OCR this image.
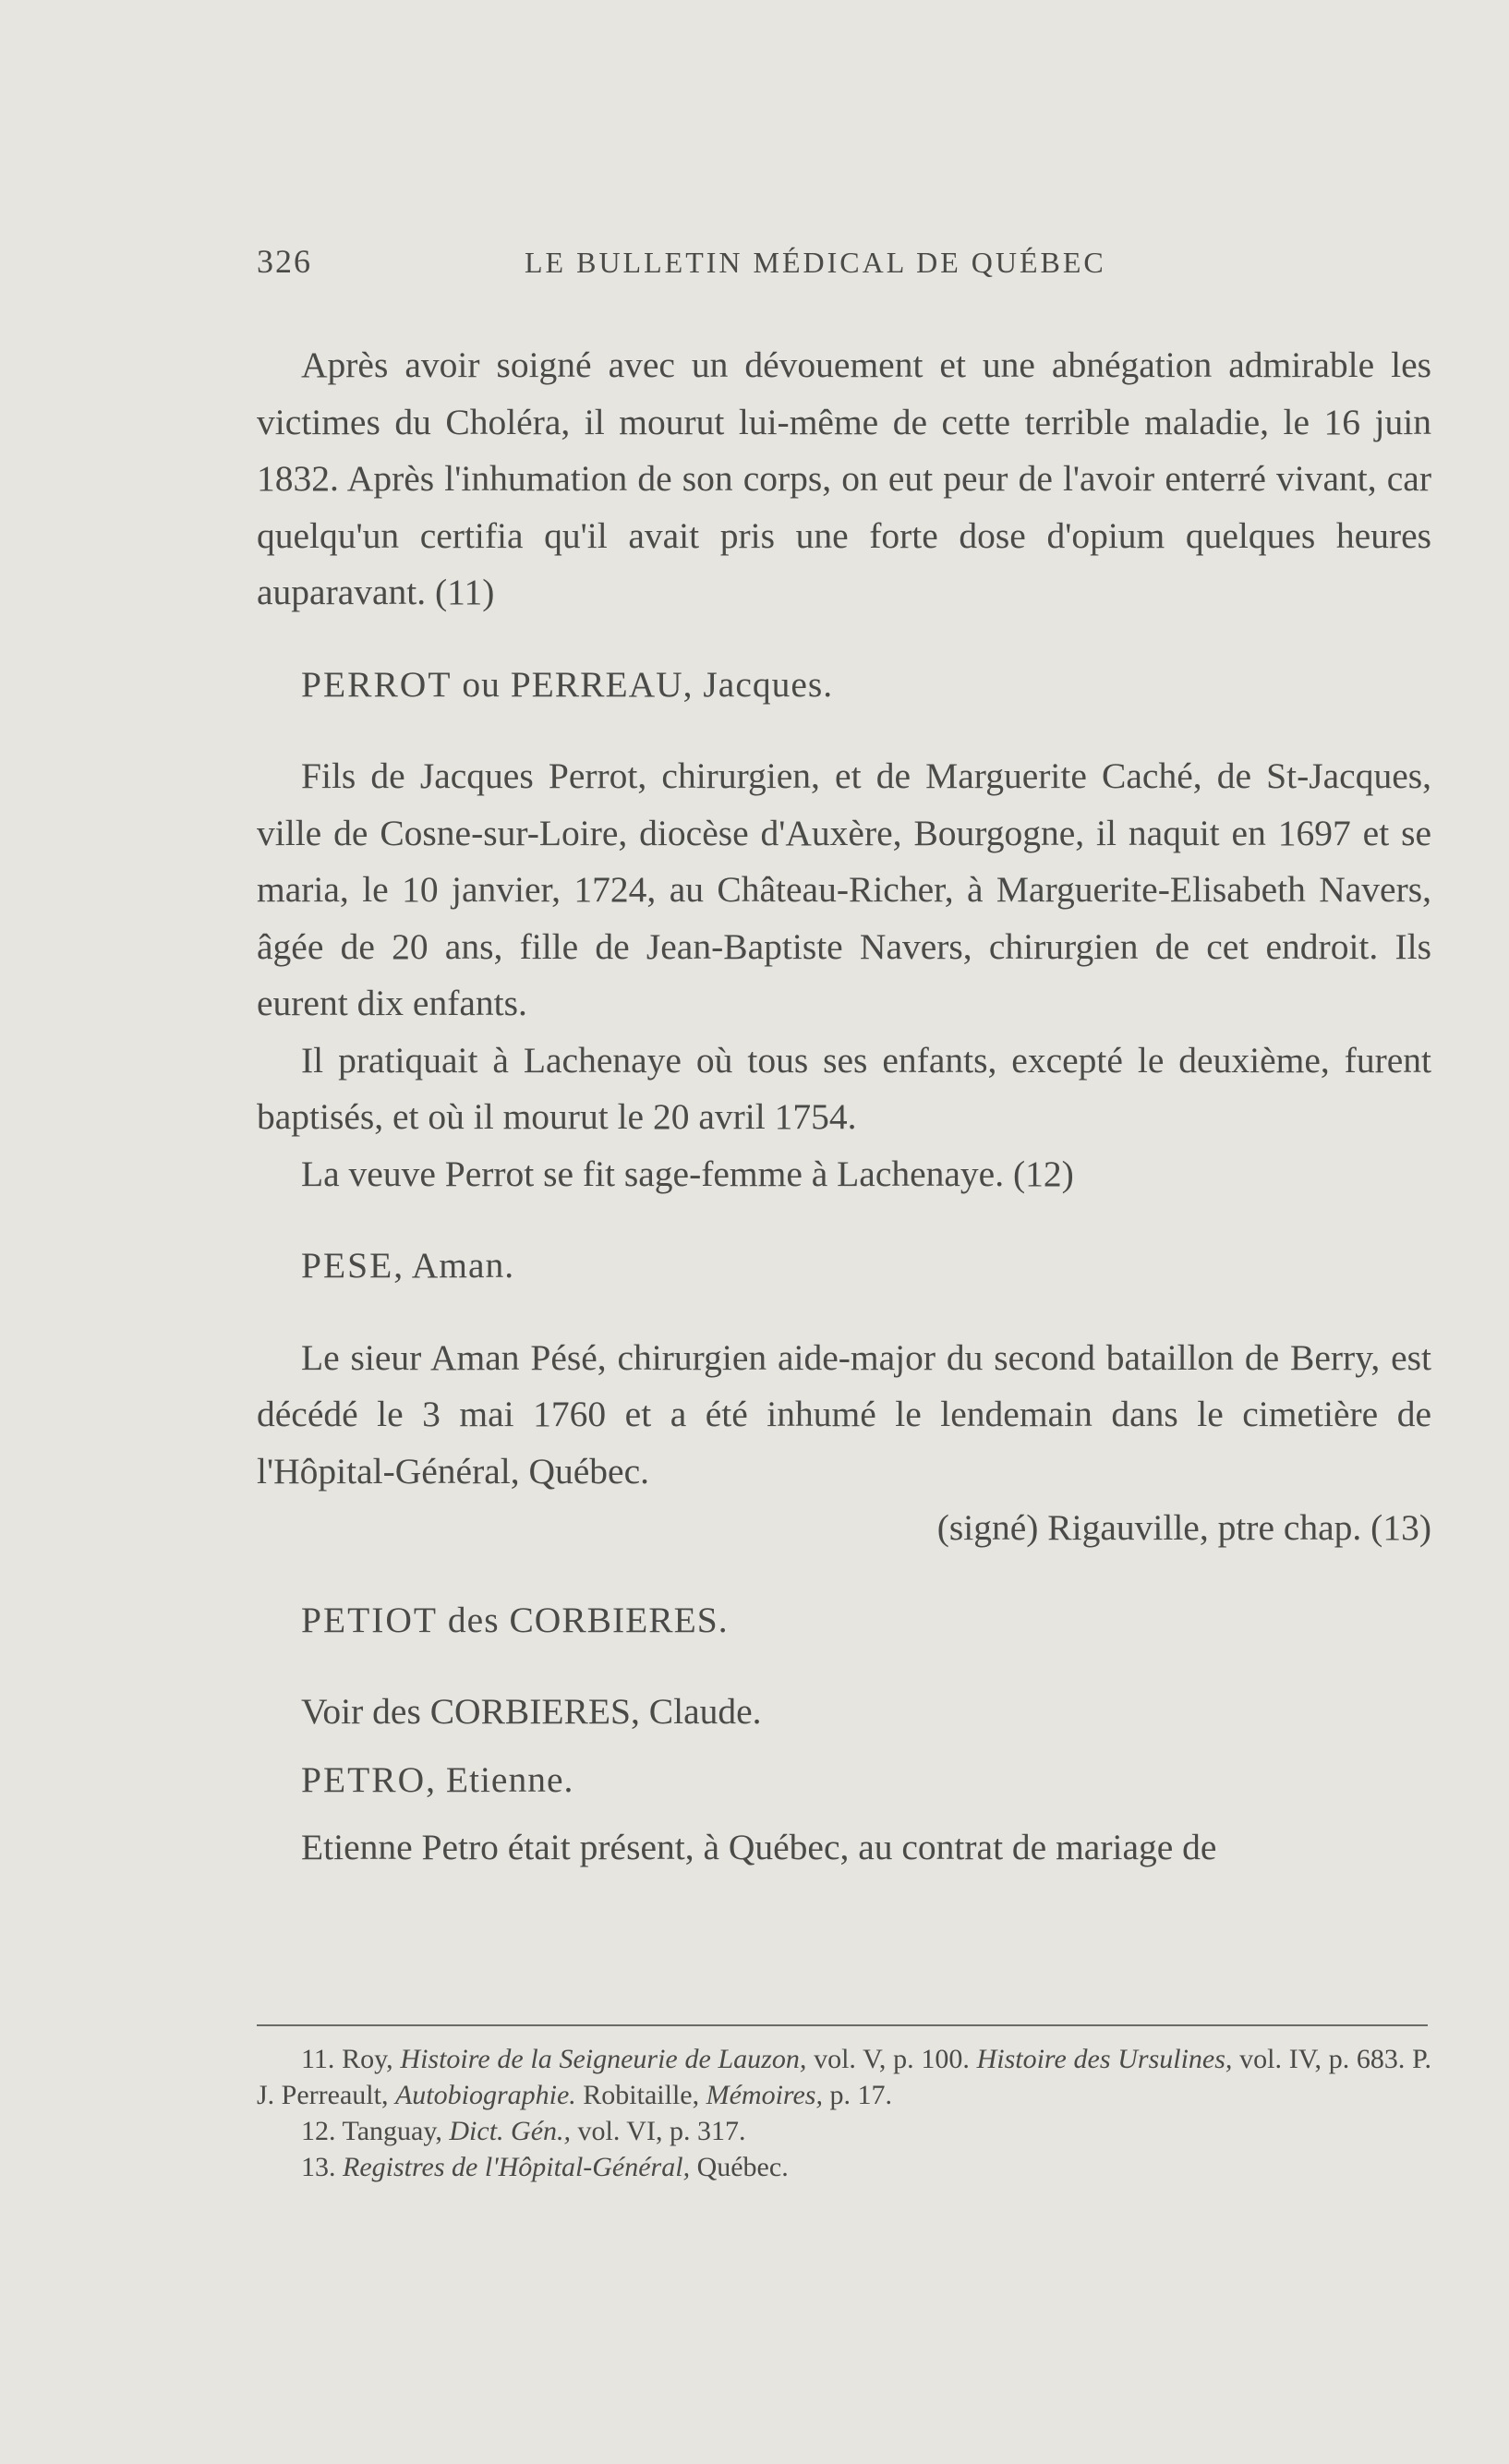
326	LE BULLETIN MÉDICAL DE QUÉBEC

Après avoir soigné avec un dévouement et une abnégation admirable les victimes du Choléra, il mourut lui-même de cette terrible maladie, le 16 juin 1832. Après l'inhumation de son corps, on eut peur de l'avoir enterré vivant, car quelqu'un certifia qu'il avait pris une forte dose d'opium quelques heures auparavant. (11)

PERROT ou PERREAU, Jacques.

Fils de Jacques Perrot, chirurgien, et de Marguerite Caché, de St-Jacques, ville de Cosne-sur-Loire, diocèse d'Auxère, Bourgogne, il naquit en 1697 et se maria, le 10 janvier, 1724, au Château-Richer, à Marguerite-Elisabeth Navers, âgée de 20 ans, fille de Jean-Baptiste Navers, chirurgien de cet endroit. Ils eurent dix enfants.

Il pratiquait à Lachenaye où tous ses enfants, excepté le deuxième, furent baptisés, et où il mourut le 20 avril 1754.

La veuve Perrot se fit sage-femme à Lachenaye. (12)

PESE, Aman.

Le sieur Aman Pésé, chirurgien aide-major du second bataillon de Berry, est décédé le 3 mai 1760 et a été inhumé le lendemain dans le cimetière de l'Hôpital-Général, Québec.

(signé) Rigauville, ptre chap. (13)

PETIOT des CORBIERES.

Voir des CORBIERES, Claude.

PETRO, Etienne.

Etienne Petro était présent, à Québec, au contrat de mariage de

11. Roy, Histoire de la Seigneurie de Lauzon, vol. V, p. 100. Histoire des Ursulines, vol. IV, p. 683. P. J. Perreault, Autobiographie. Robitaille, Mémoires, p. 17.

12. Tanguay, Dict. Gén., vol. VI, p. 317.

13. Registres de l'Hôpital-Général, Québec.
